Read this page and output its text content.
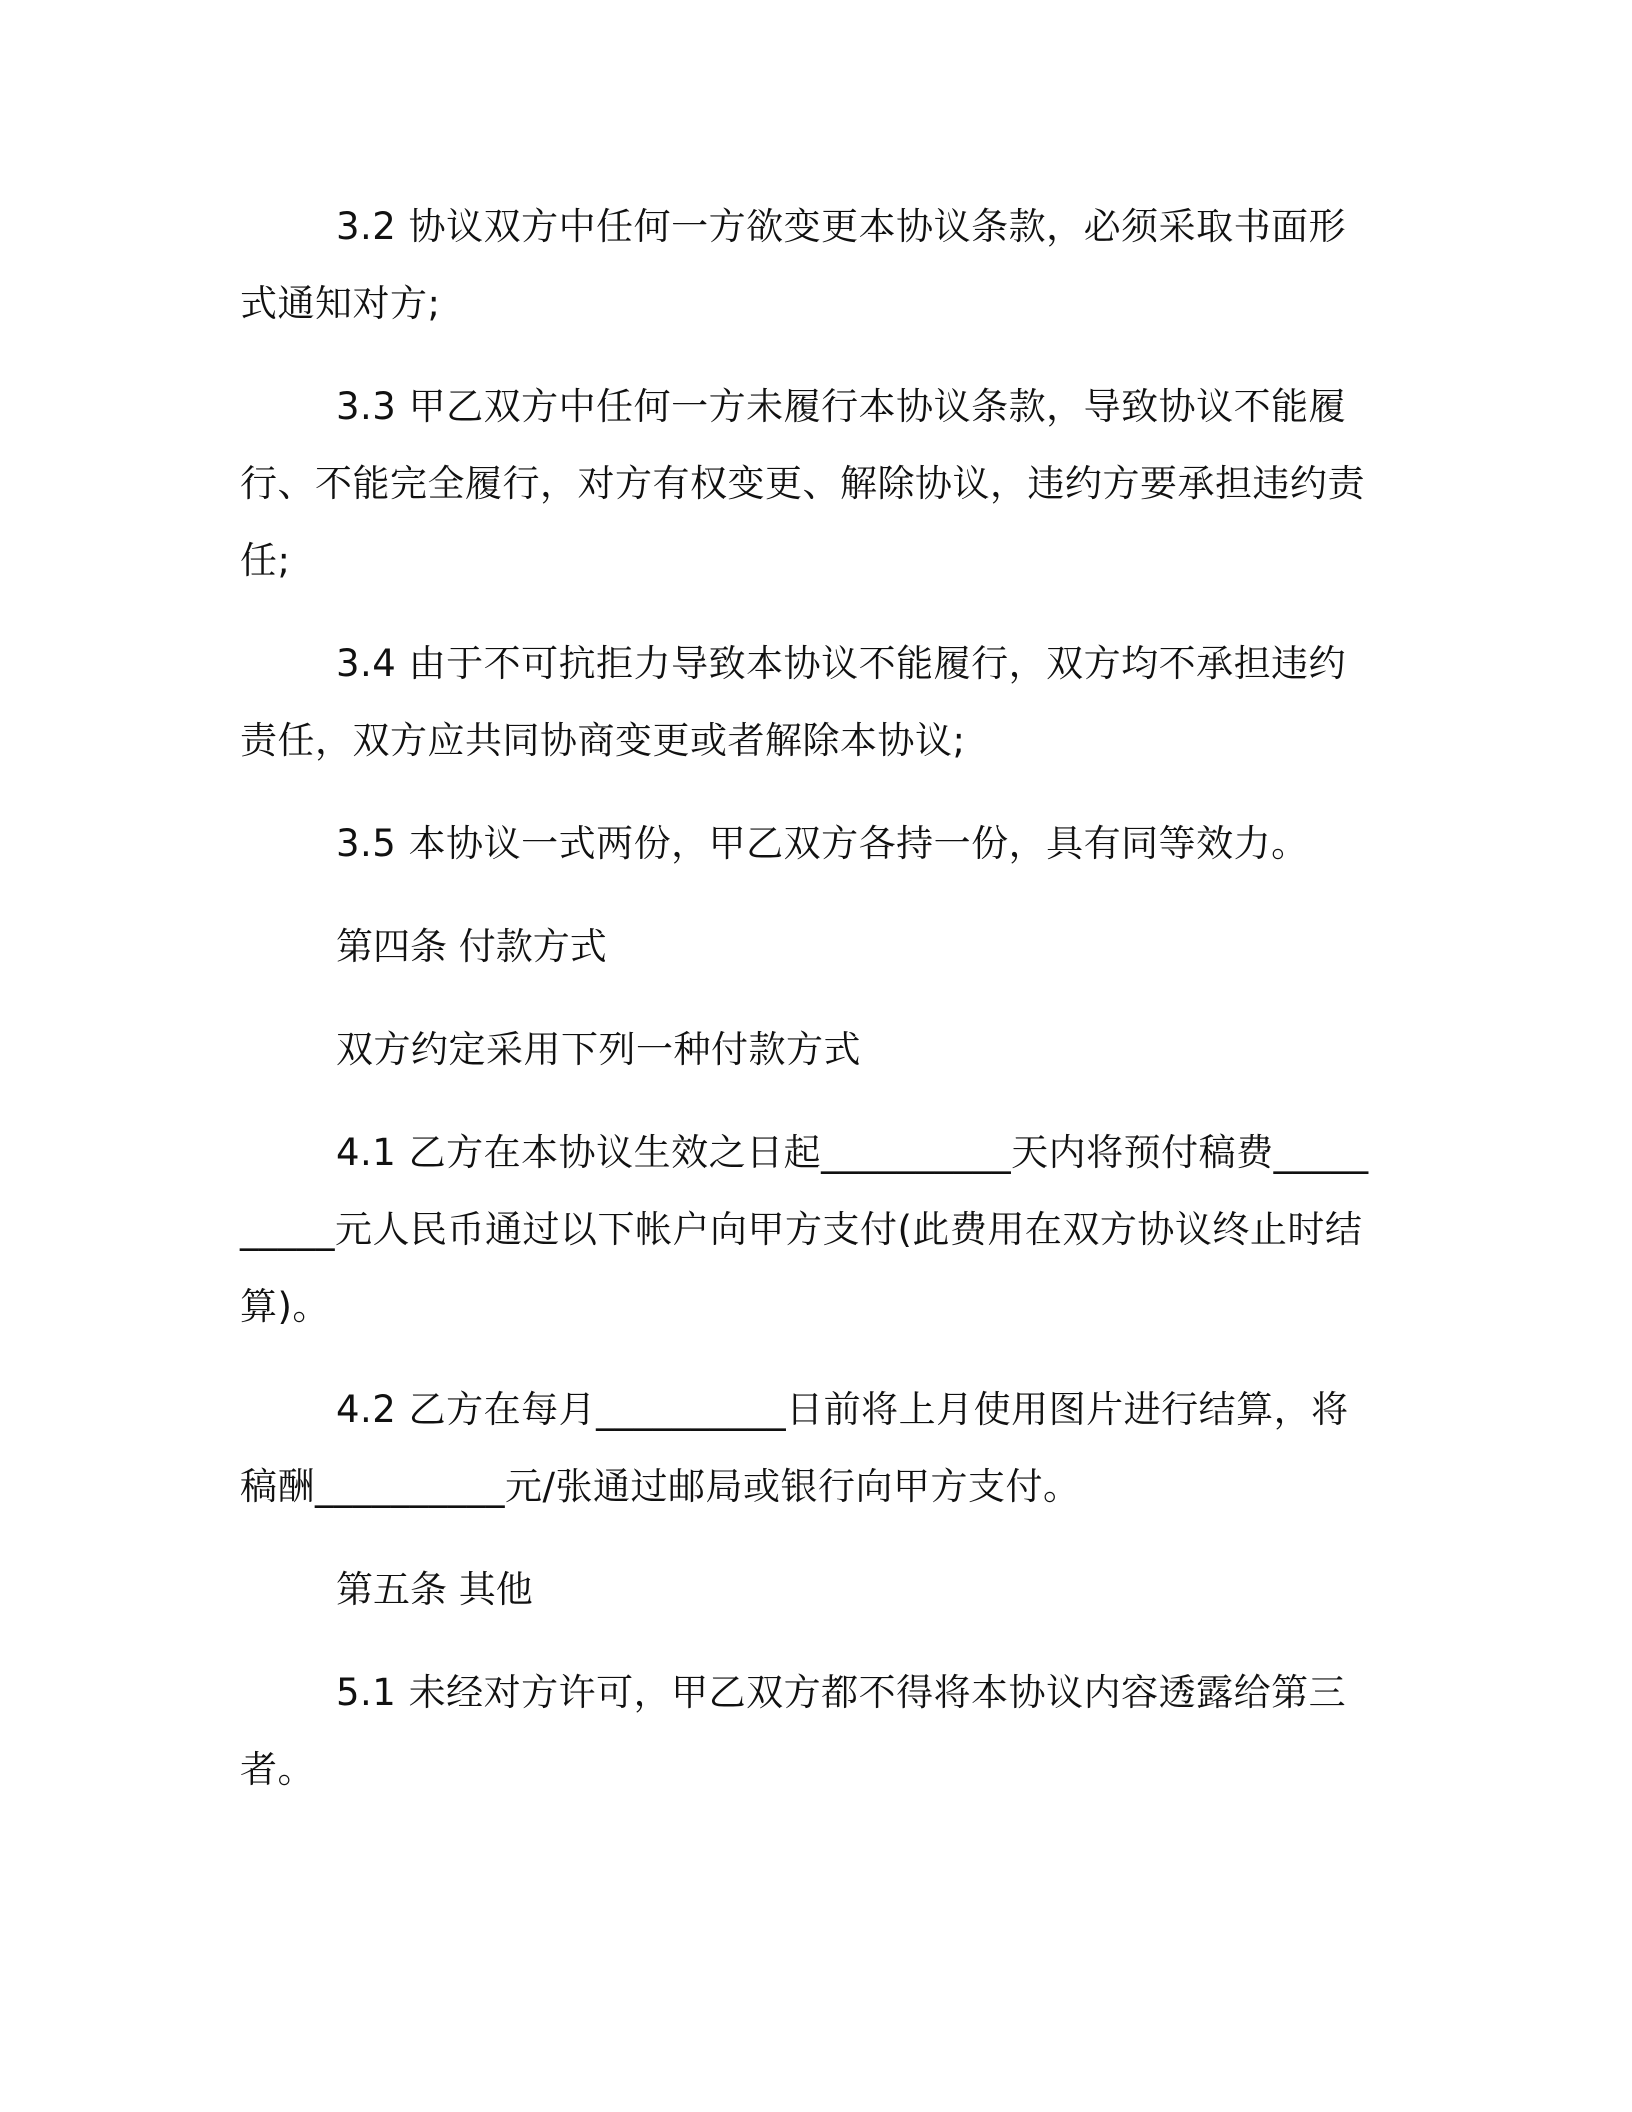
3.2 协议双方中任何一方欲变更本协议条款，必须采取书面形式通知对方;

3.3 甲乙双方中任何一方未履行本协议条款，导致协议不能履行、不能完全履行，对方有权变更、解除协议，违约方要承担违约责任;

3.4 由于不可抗拒力导致本协议不能履行，双方均不承担违约责任，双方应共同协商变更或者解除本协议;

3.5 本协议一式两份，甲乙双方各持一份，具有同等效力。

第四条 付款方式

双方约定采用下列一种付款方式

4.1 乙方在本协议生效之日起__________天内将预付稿费__________元人民币通过以下帐户向甲方支付(此费用在双方协议终止时结算)。

4.2 乙方在每月__________日前将上月使用图片进行结算，将稿酬__________元/张通过邮局或银行向甲方支付。

第五条 其他

5.1 未经对方许可，甲乙双方都不得将本协议内容透露给第三者。
